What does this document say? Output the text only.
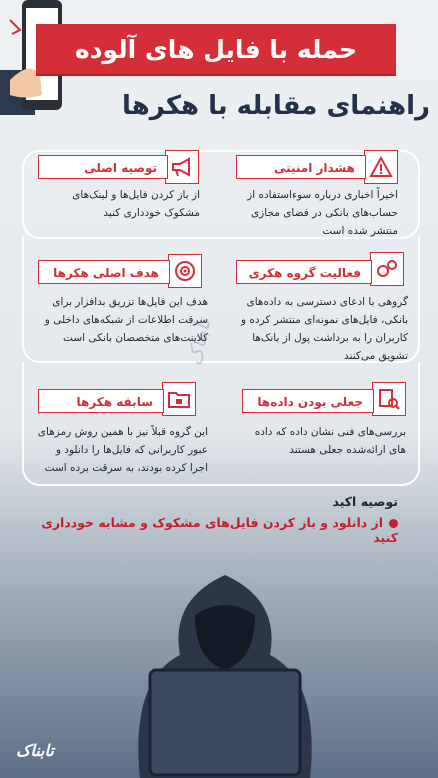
حمله با فایل های آلوده
راهنمای مقابله با هکرها
هشدار امنیتی
اخیراً اخباری درباره سوءاستفاده از حساب‌های بانکی در فضای مجازی منتشر شده است
توصیه اصلی
از باز کردن فایل‌ها و لینک‌های مشکوک خودداری کنید
فعالیت گروه هکری
گروهی با ادعای دسترسی به داده‌های بانکی، فایل‌های نمونه‌ای منتشر کرده و کاربران را به برداشت پول از بانک‌ها تشویق می‌کنند
هدف اصلی هکرها
هدف این فایل‌ها تزریق بدافزار برای سرقت اطلاعات از شبکه‌های داخلی و کلاینت‌های متخصصان بانکی است
جعلی بودن داده‌ها
بررسی‌های فنی نشان داده که داده های ارائه‌شده جعلی هستند
سابقه هکرها
این گروه قبلاً نیز با همین روش رمزهای عبور کاربرانی که فایل‌ها را دانلود و اجرا کرده بودند، به سرقت برده است
توصیه اکید
از دانلود و باز کردن فایل‌های مشکوک و مشابه خودداری کنید
تابناک
تابناک
